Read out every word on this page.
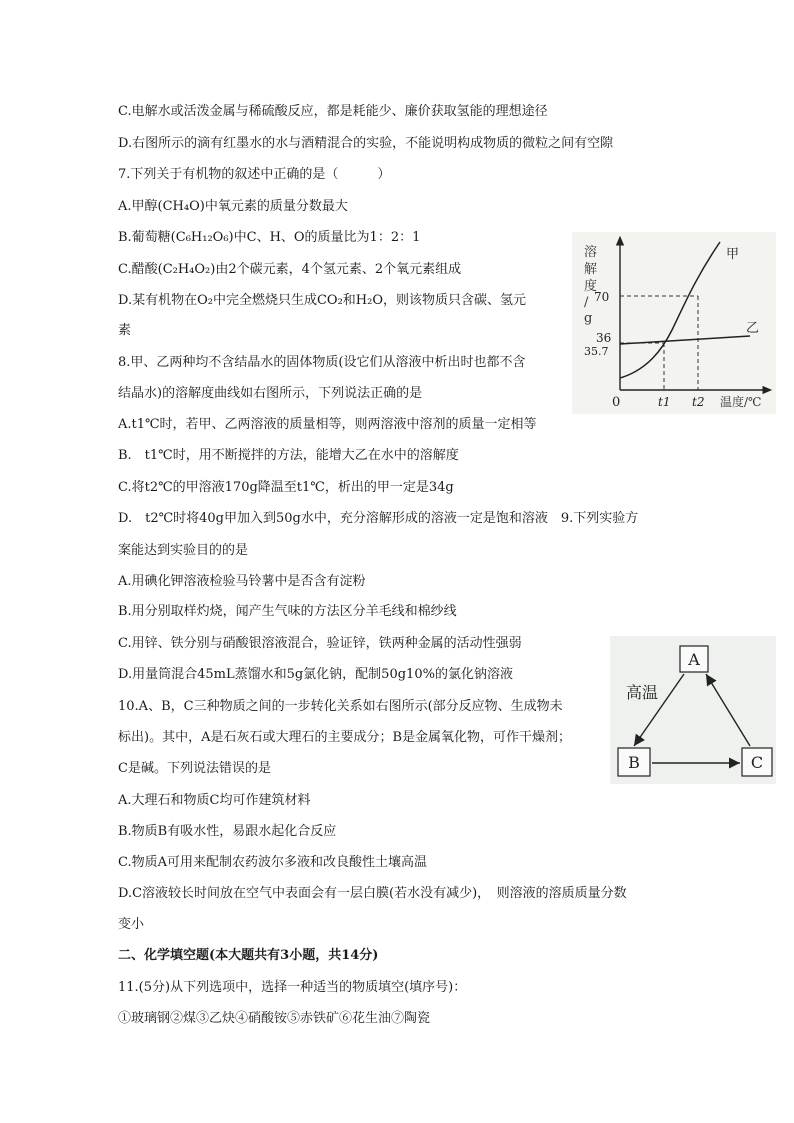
C.电解水或活泼金属与稀硫酸反应，都是耗能少、廉价获取氢能的理想途径
D.右图所示的滴有红墨水的水与酒精混合的实验，不能说明构成物质的微粒之间有空隙
7.下列关于有机物的叙述中正确的是（　　　）
A.甲醇(CH₄O)中氧元素的质量分数最大
B.葡萄糖(C₆H₁₂O₆)中C、H、O的质量比为1：2：1
C.醋酸(C₂H₄O₂)由2个碳元素，4个氢元素、2个氧元素组成
D.某有机物在O₂中完全燃烧只生成CO₂和H₂O，则该物质只含碳、氢元
素
8.甲、乙两种均不含结晶水的固体物质(设它们从溶液中析出时也都不含
结晶水)的溶解度曲线如右图所示，下列说法正确的是
A.t1℃时，若甲、乙两溶液的质量相等，则两溶液中溶剂的质量一定相等
B.　t1℃时，用不断搅拌的方法，能增大乙在水中的溶解度
C.将t2℃的甲溶液170g降温至t1℃，析出的甲一定是34g
D.　t2℃时将40g甲加入到50g水中，充分溶解形成的溶液一定是饱和溶液　9.下列实验方
案能达到实验目的的是
A.用碘化钾溶液检验马铃薯中是否含有淀粉
B.用分别取样灼烧，闻产生气味的方法区分羊毛线和棉纱线
C.用锌、铁分别与硝酸银溶液混合，验证锌，铁两种金属的活动性强弱
D.用量筒混合45mL蒸馏水和5g氯化钠，配制50g10%的氯化钠溶液
10.A、B，C三种物质之间的一步转化关系如右图所示(部分反应物、生成物未
标出)。其中，A是石灰石或大理石的主要成分；B是金属氧化物，可作干燥剂；
C是碱。下列说法错误的是
A.大理石和物质C均可作建筑材料
B.物质B有吸水性，易跟水起化合反应
C.物质A可用来配制农药波尔多液和改良酸性土壤高温
D.C溶液较长时间放在空气中表面会有一层白膜(若水没有减少)，　则溶液的溶质质量分数
变小
二、化学填空题(本大题共有3小题，共14分)
11.(5分)从下列选项中，选择一种适当的物质填空(填序号)：
①玻璃钢②煤③乙炔④硝酸铵⑤赤铁矿⑥花生油⑦陶瓷
溶
解
度
/
g
温度/℃
0
70
36
35.7
t1 t2
甲
乙
A
B	C
高温
